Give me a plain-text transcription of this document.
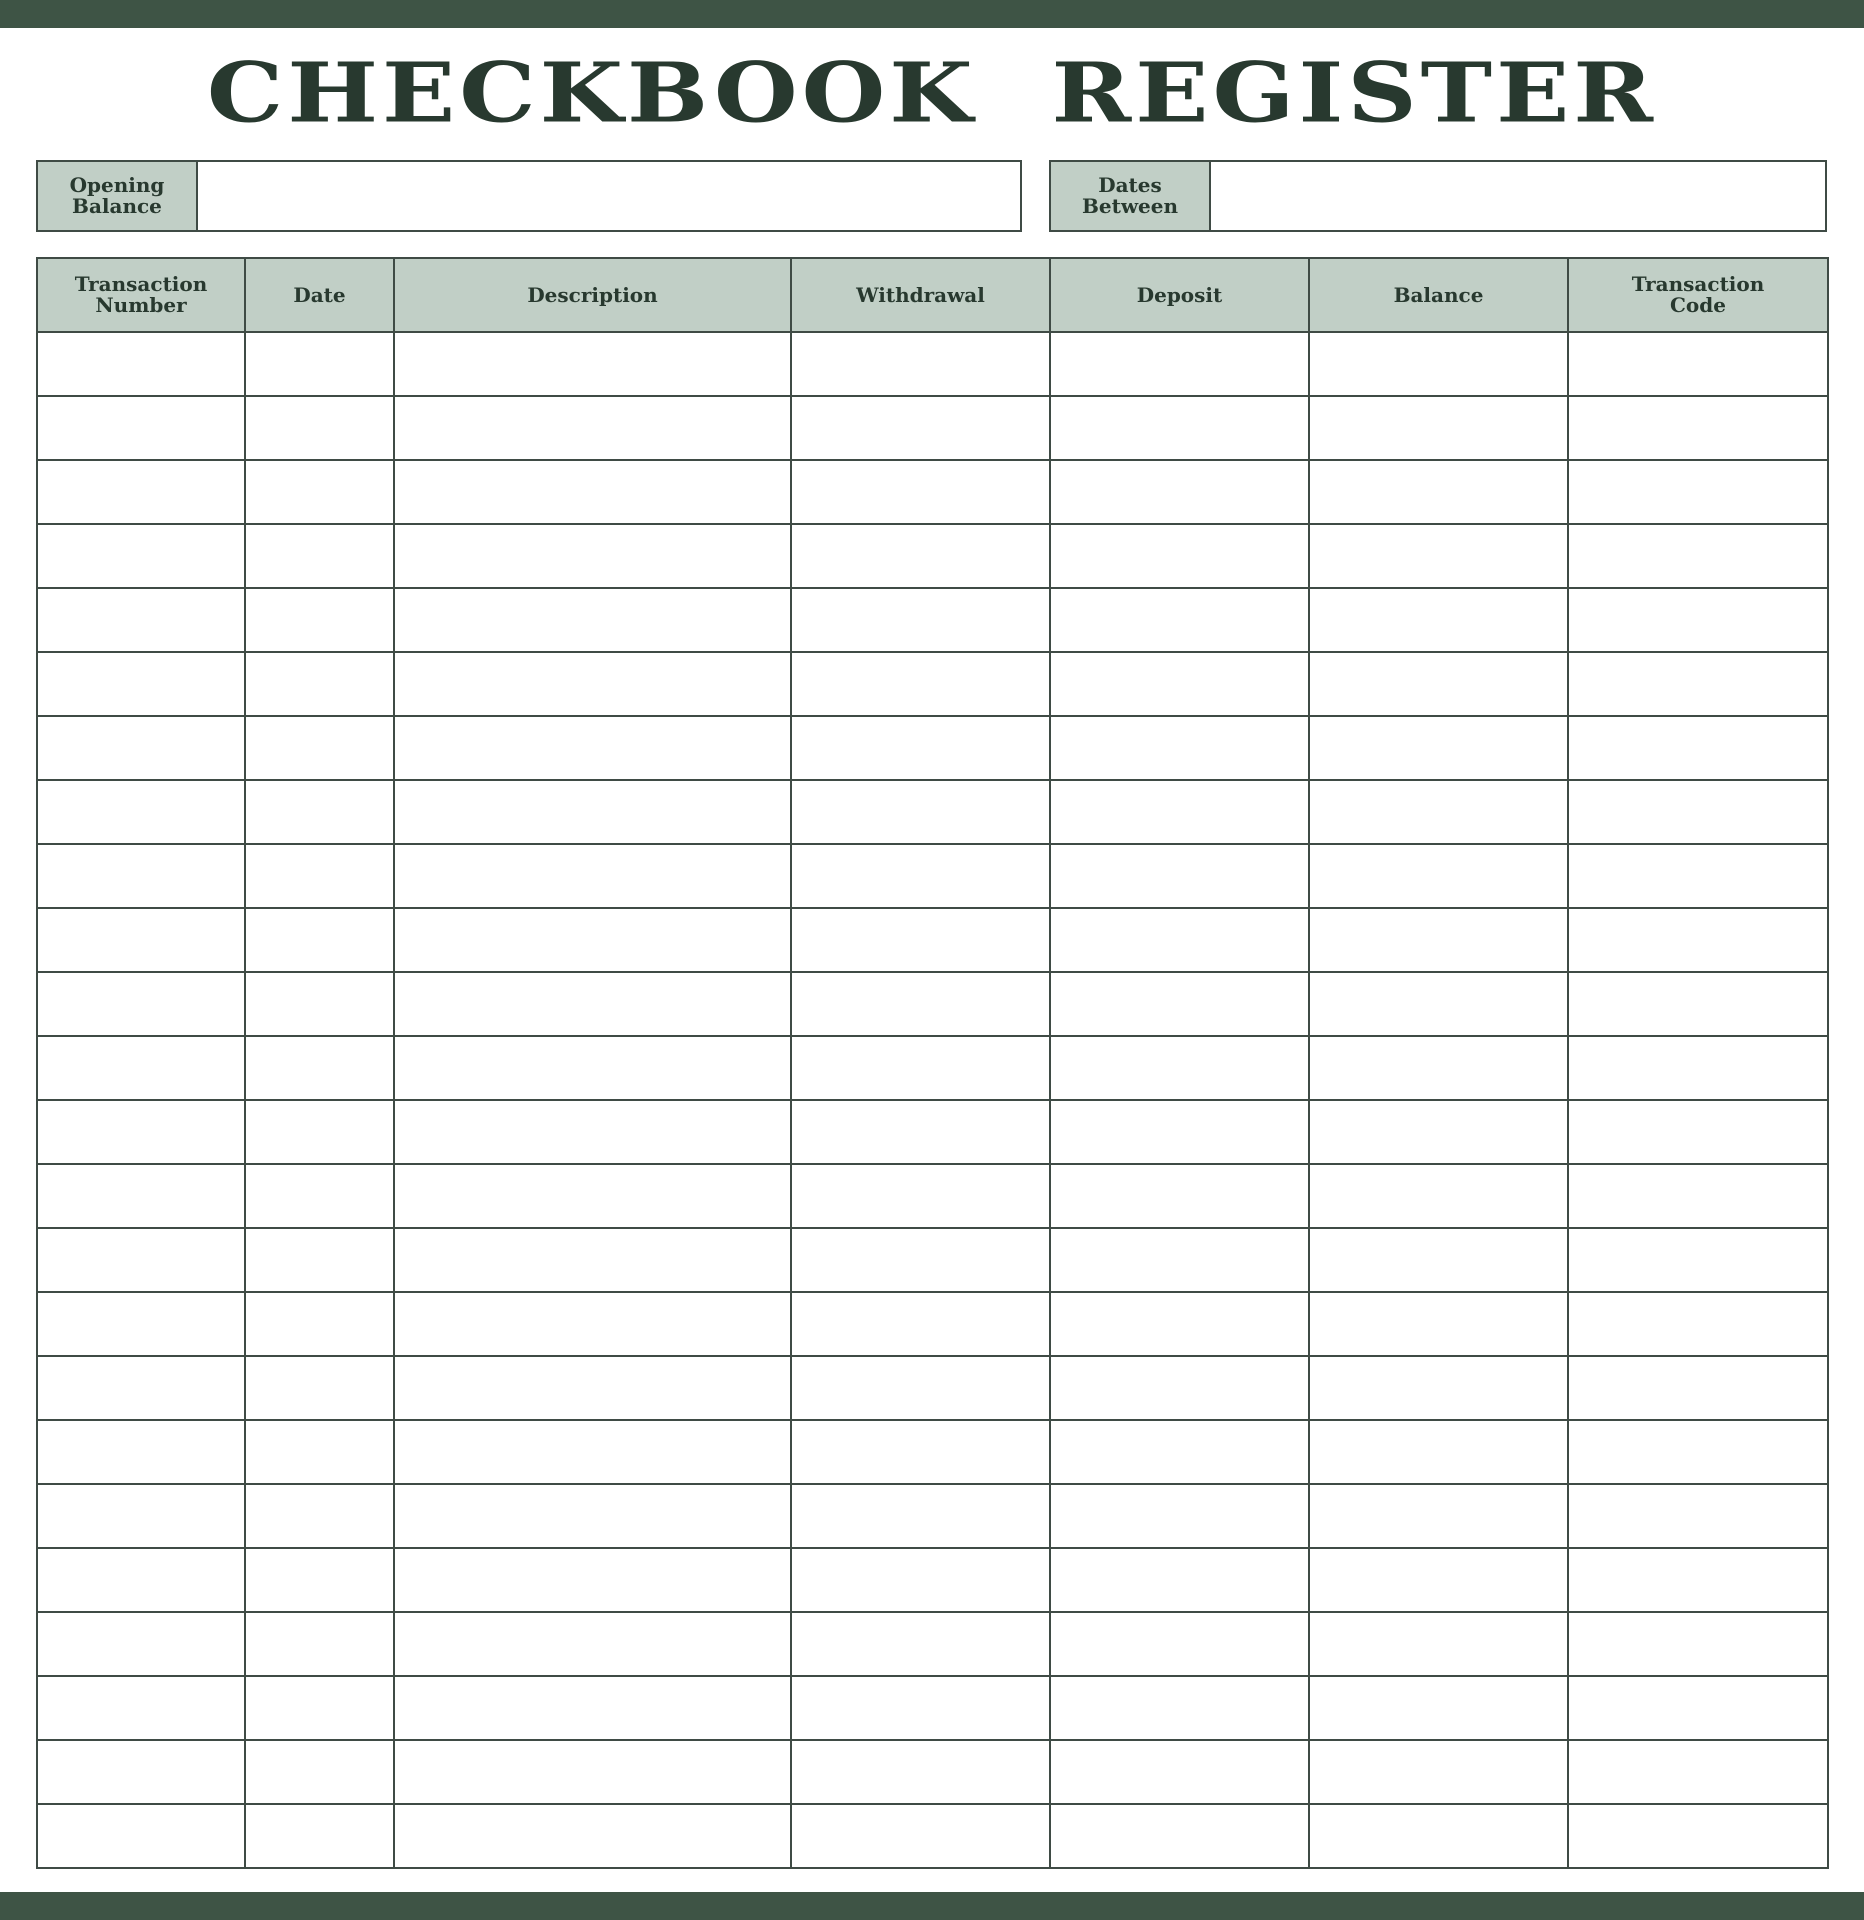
CHECKBOOK  REGISTER
Opening
Balance
Dates
Between
Transaction
Number	Date	Description	Withdrawal	Deposit	Balance	Transaction
Code
